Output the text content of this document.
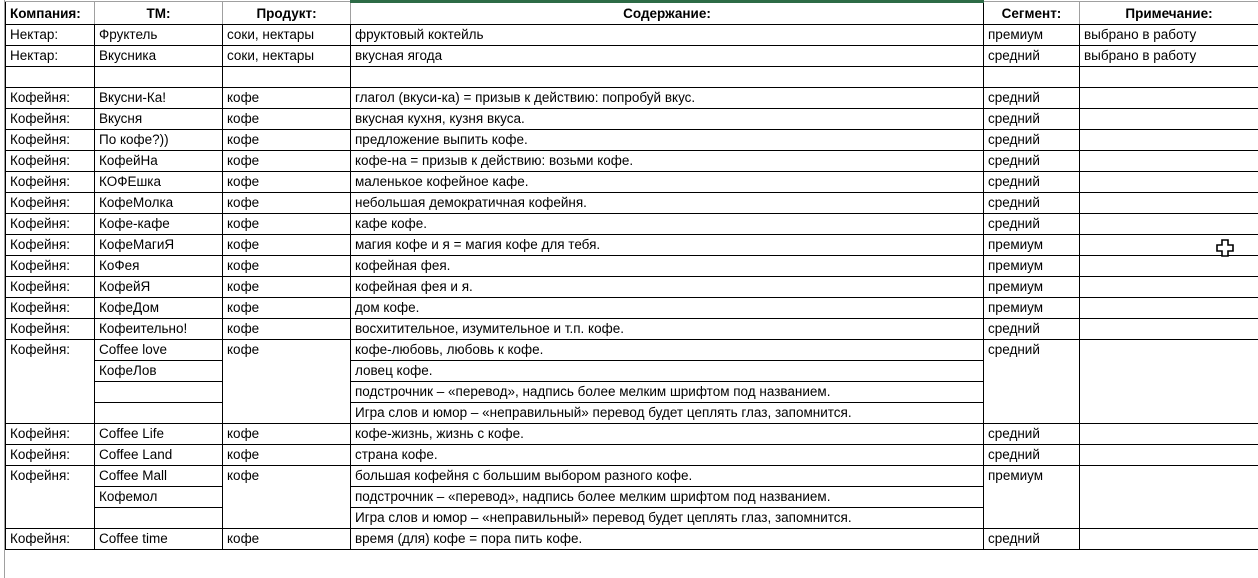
Компания:	ТМ:	Продукт:	Содержание:	Сегмент:	Примечание:
Нектар:	Фруктель	соки, нектары	фруктовый коктейль	премиум	выбрано в работу
Нектар:	Вкусника	соки, нектары	вкусная ягода	средний	выбрано в работу

Кофейня:	Вкусни-Ка!	кофе	глагол (вкуси-ка) = призыв к действию: попробуй вкус.	средний	
Кофейня:	Вкусня	кофе	вкусная кухня, кузня вкуса.	средний	
Кофейня:	По кофе?))	кофе	предложение выпить кофе.	средний	
Кофейня:	КофейНа	кофе	кофе-на = призыв к действию: возьми кофе.	средний	
Кофейня:	КОФЕшка	кофе	маленькое кофейное кафе.	средний	
Кофейня:	КофеМолка	кофе	небольшая демократичная кофейня.	средний	
Кофейня:	Кофе-кафе	кофе	кафе кофе.	средний	
Кофейня:	КофеМагиЯ	кофе	магия кофе и я = магия кофе для тебя.	премиум	
Кофейня:	КоФея	кофе	кофейная фея.	премиум	
Кофейня:	КофейЯ	кофе	кофейная фея и я.	премиум	
Кофейня:	КофеДом	кофе	дом кофе.	премиум	
Кофейня:	Кофеительно!	кофе	восхитительное, изумительное и т.п. кофе.	средний	
Кофейня:	Coffee love	кофе	кофе-любовь, любовь к кофе.	средний	
	КофеЛов		ловец кофе.		
			подстрочник – «перевод», надпись более мелким шрифтом под названием.		
			Игра слов и юмор – «неправильный» перевод будет цеплять глаз, запомнится.		
Кофейня:	Coffee Life	кофе	кофе-жизнь, жизнь с кофе.	средний	
Кофейня:	Coffee Land	кофе	страна кофе.	средний	
Кофейня:	Coffee Mall	кофе	большая кофейня с большим выбором разного кофе.	премиум	
	Кофемол		подстрочник – «перевод», надпись более мелким шрифтом под названием.		
			Игра слов и юмор – «неправильный» перевод будет цеплять глаз, запомнится.		
Кофейня:	Coffee time	кофе	время (для) кофе = пора пить кофе.	средний	
